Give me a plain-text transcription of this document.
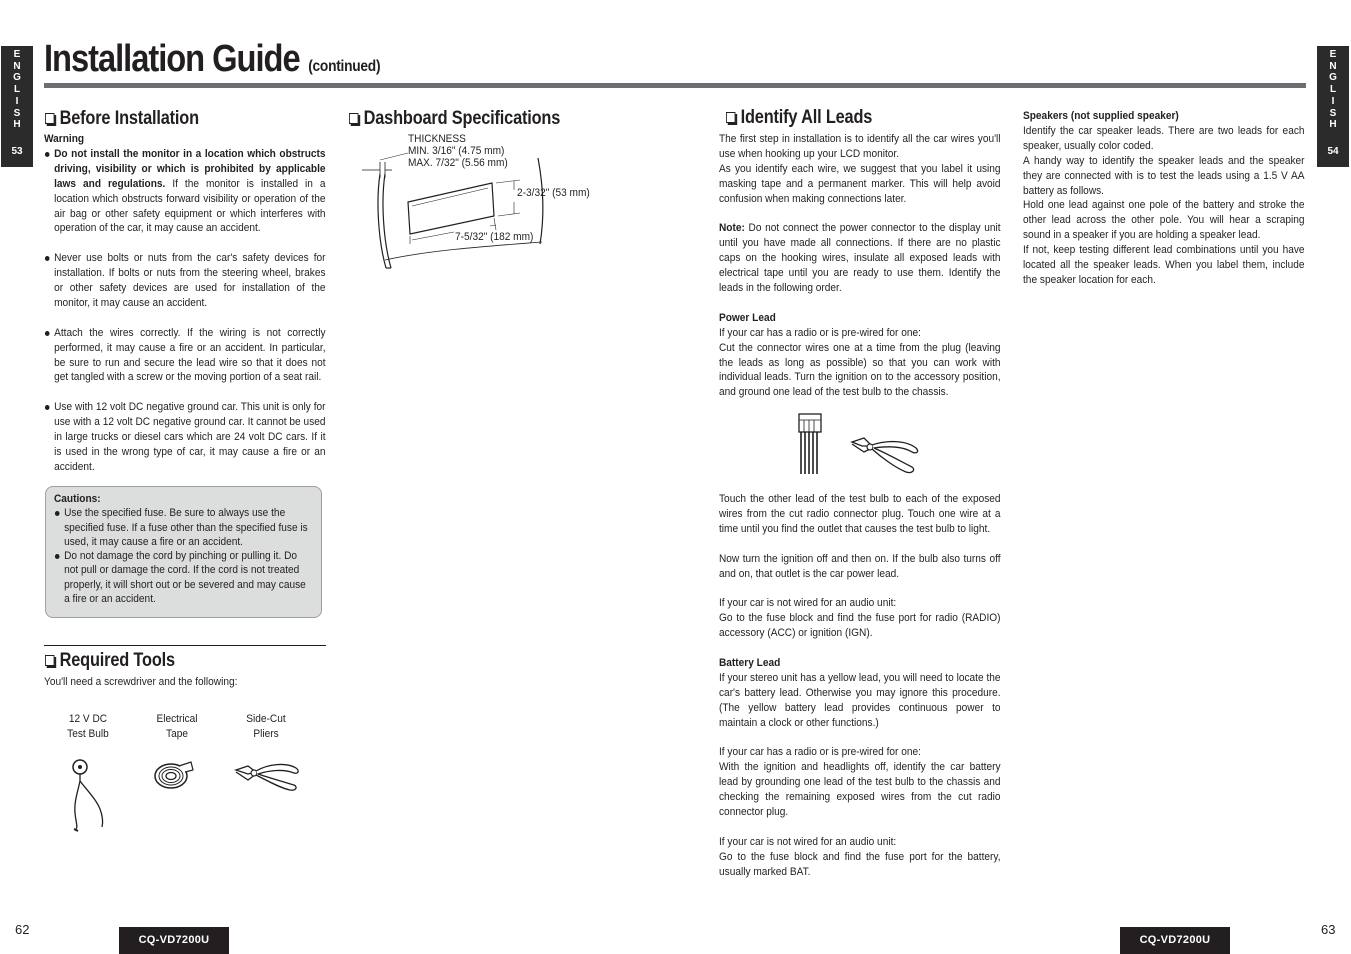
E
N
G
L
I
S
H
53
E
N
G
L
I
S
H
54
Installation Guide (continued)
Before Installation

Warning

Do not install the monitor in a location which obstructs driving, visibility or which is prohibited by applicable laws and regulations. If the monitor is installed in a location which obstructs forward visibility or operation of the air bag or other safety equipment or which interferes with operation of the car, it may cause an accident.

Never use bolts or nuts from the car's safety devices for installation. If bolts or nuts from the steering wheel, brakes or other safety devices are used for installation of the monitor, it may cause an accident.

Attach the wires correctly. If the wiring is not correctly performed, it may cause a fire or an accident. In particular, be sure to run and secure the lead wire so that it does not get tangled with a screw or the moving portion of a seat rail.

Use with 12 volt DC negative ground car. This unit is only for use with a 12 volt DC negative ground car. It cannot be used in large trucks or diesel cars which are 24 volt DC cars. If it is used in the wrong type of car, it may cause a fire or an accident.

Cautions:

Use the specified fuse. Be sure to always use the specified fuse. If a fuse other than the specified fuse is used, it may cause a fire or an accident.

Do not damage the cord by pinching or pulling it. Do not pull or damage the cord. If the cord is not treated properly, it will short out or be severed and may cause a fire or an accident.

Required Tools
You'll need a screwdriver and the following:
12 V DC
Test Bulb
Electrical
Tape
Side-Cut
Pliers
Dashboard Specifications

THICKNESS

MIN. 3/16" (4.75 mm)

MAX. 7/32" (5.56 mm)

2-3/32" (53 mm)
7-5/32" (182 mm)
Identify All Leads

The first step in installation is to identify all the car wires you'll use when hooking up your LCD monitor.

As you identify each wire, we suggest that you label it using masking tape and a permanent marker. This will help avoid confusion when making connections later.

Note: Do not connect the power connector to the display unit until you have made all connections. If there are no plastic caps on the hooking wires, insulate all exposed leads with electrical tape until you are ready to use them. Identify the leads in the following order.

Power Lead

If your car has a radio or is pre-wired for one:

Cut the connector wires one at a time from the plug (leaving the leads as long as possible) so that you can work with individual leads. Turn the ignition on to the accessory position, and ground one lead of the test bulb to the chassis.

Touch the other lead of the test bulb to each of the exposed wires from the cut radio connector plug. Touch one wire at a time until you find the outlet that causes the test bulb to light.

Now turn the ignition off and then on. If the bulb also turns off and on, that outlet is the car power lead.

If your car is not wired for an audio unit:

Go to the fuse block and find the fuse port for radio (RADIO) accessory (ACC) or ignition (IGN).

Battery Lead

If your stereo unit has a yellow lead, you will need to locate the car's battery lead. Otherwise you may ignore this procedure. (The yellow battery lead provides continuous power to maintain a clock or other functions.)

If your car has a radio or is pre-wired for one:

With the ignition and headlights off, identify the car battery lead by grounding one lead of the test bulb to the chassis and checking the remaining exposed wires from the cut radio connector plug.

If your car is not wired for an audio unit:

Go to the fuse block and find the fuse port for the battery, usually marked BAT.

Speakers (not supplied speaker)

Identify the car speaker leads. There are two leads for each speaker, usually color coded.

A handy way to identify the speaker leads and the speaker they are connected with is to test the leads using a 1.5 V AA battery as follows.

Hold one lead against one pole of the battery and stroke the other lead across the other pole. You will hear a scraping sound in a speaker if you are holding a speaker lead.

If not, keep testing different lead combinations until you have located all the speaker leads. When you label them, include the speaker location for each.

62	63
CQ-VD7200U	CQ-VD7200U
